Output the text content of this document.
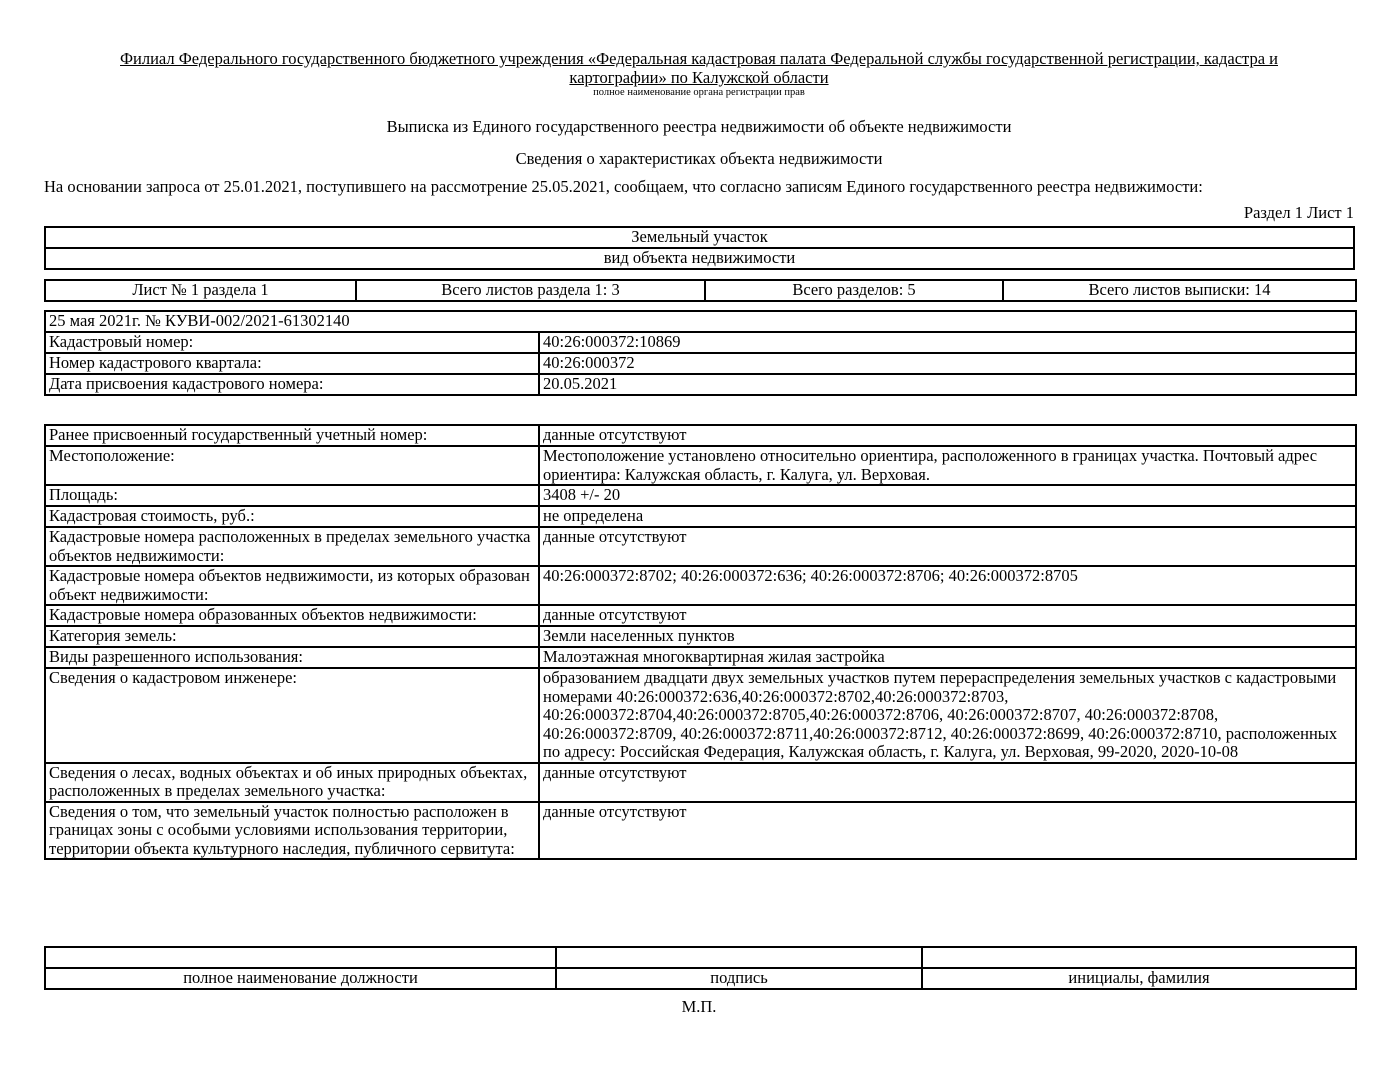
Филиал Федерального государственного бюджетного учреждения «Федеральная кадастровая палата Федеральной службы государственной регистрации, кадастра и
картографии» по Калужской области
полное наименование органа регистрации прав
Выписка из Единого государственного реестра недвижимости об объекте недвижимости
Сведения о характеристиках объекта недвижимости
На основании запроса от 25.01.2021, поступившего на рассмотрение 25.05.2021, сообщаем, что согласно записям Единого государственного реестра недвижимости:
Раздел 1 Лист 1
Земельный участок
вид объекта недвижимости
Лист № 1 раздела 1	Всего листов раздела 1: 3	Всего разделов: 5	Всего листов выписки: 14
25 мая 2021г. № КУВИ-002/2021-61302140	
Кадастровый номер:	40:26:000372:10869
Номер кадастрового квартала:	40:26:000372
Дата присвоения кадастрового номера:	20.05.2021
Ранее присвоенный государственный учетный номер:	данные отсутствуют
Местоположение:	Местоположение установлено относительно ориентира, расположенного в границах участка. Почтовый адрес ориентира: Калужская область, г. Калуга, ул. Верховая.
Площадь:	3408 +/- 20
Кадастровая стоимость, руб.:	не определена
Кадастровые номера расположенных в пределах земельного участка объектов недвижимости:	данные отсутствуют
Кадастровые номера объектов недвижимости, из которых образован объект недвижимости:	40:26:000372:8702; 40:26:000372:636; 40:26:000372:8706; 40:26:000372:8705
Кадастровые номера образованных объектов недвижимости:	данные отсутствуют
Категория земель:	Земли населенных пунктов
Виды разрешенного использования:	Малоэтажная многоквартирная жилая застройка
Сведения о кадастровом инженере:	образованием двадцати двух земельных участков путем перераспределения земельных участков с кадастровыми номерами 40:26:000372:636,40:26:000372:8702,40:26:000372:8703, 40:26:000372:8704,40:26:000372:8705,40:26:000372:8706, 40:26:000372:8707, 40:26:000372:8708, 40:26:000372:8709, 40:26:000372:8711,40:26:000372:8712, 40:26:000372:8699, 40:26:000372:8710, расположенных по адресу: Российская Федерация, Калужская область, г. Калуга, ул. Верховая, 99-2020, 2020-10-08
Сведения о лесах, водных объектах и об иных природных объектах, расположенных в пределах земельного участка:	данные отсутствуют
Сведения о том, что земельный участок полностью расположен в границах зоны с особыми условиями использования территории, территории объекта культурного наследия, публичного сервитута:	данные отсутствуют

полное наименование должности	подпись	инициалы, фамилия
М.П.
